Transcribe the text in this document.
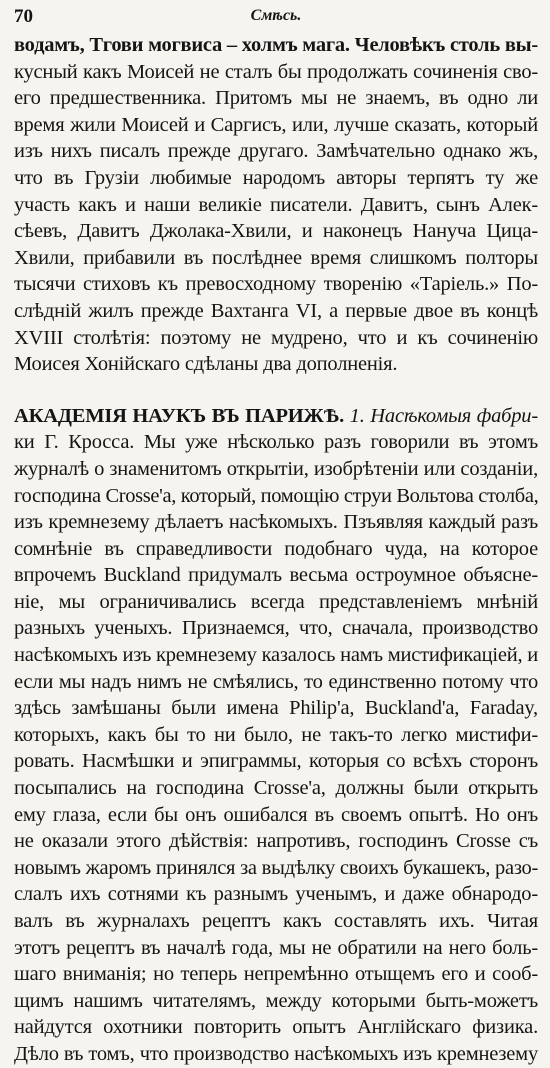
70	Смѣсь.
водамъ, Тгови могвиса – холмъ мага. Человѣкъ столь вы-
кусный какъ Моисей не сталъ бы продолжать сочиненія сво-
его предшественника. Притомъ мы не знаемъ, въ одно ли
время жили Моисей и Саргисъ, или, лучше сказать, который
изъ нихъ писалъ прежде другаго. Замѣчательно однако жъ,
что въ Грузіи любимые народомъ авторы терпятъ ту же
участь какъ и наши великіе писатели. Давитъ, сынъ Алек-
сѣевъ, Давитъ Джолака-Хвили, и наконецъ Нануча Цица-
Хвили, прибавили въ послѣднее время слишкомъ полторы
тысячи стиховъ къ превосходному творенію «Таріель.» По-
слѣдній жилъ прежде Вахтанга VI, а первые двое въ концѣ
XVIII столѣтія: поэтому не мудрено, что и къ сочиненію
Моисея Хонійскаго сдѣланы два дополненія.
АКАДЕМІЯ НАУКЪ ВЪ ПАРИЖѢ. 1. Насѣкомыя фабри-
ки Г. Кросса. Мы уже нѣсколько разъ говорили въ этомъ
журналѣ о знаменитомъ открытіи, изобрѣтеніи или созданіи,
господина Crosse'а, который, помощію струи Вольтова столба,
изъ кремнезему дѣлаетъ насѣкомыхъ. Пзъявляя каждый разъ
сомнѣніе въ справедливости подобнаго чуда, на которое
впрочемъ Buckland придумалъ весьма остроумное объясне-
ніе, мы ограничивались всегда представленіемъ мнѣній
разныхъ ученыхъ. Признаемся, что, сначала, производство
насѣкомыхъ изъ кремнезему казалось намъ мистификаціей, и
если мы надъ нимъ не смѣялись, то единственно потому что
здѣсь замѣшаны были имена Philip'а, Buckland'а, Faraday,
которыхъ, какъ бы то ни было, не такъ-то легко мистифи-
ровать. Насмѣшки и эпиграммы, которыя со всѣхъ сторонъ
посыпались на господина Crosse'а, должны были открыть
ему глаза, если бы онъ ошибался въ своемъ опытѣ. Но онъ
не оказали этого дѣйствія: напротивъ, господинъ Crosse съ
новымъ жаромъ принялся за выдѣлку своихъ букашекъ, разо-
слалъ ихъ сотнями къ разнымъ ученымъ, и даже обнародо-
валъ въ журналахъ рецептъ какъ составлять ихъ. Читая
этотъ рецептъ въ началѣ года, мы не обратили на него боль-
шаго вниманія; но теперь непремѣнно отыщемъ его и сооб-
щимъ нашимъ читателямъ, между которыми быть-можетъ
найдутся охотники повторить опытъ Англійскаго физика.
Дѣло въ томъ, что производство насѣкомыхъ изъ кремнезему
